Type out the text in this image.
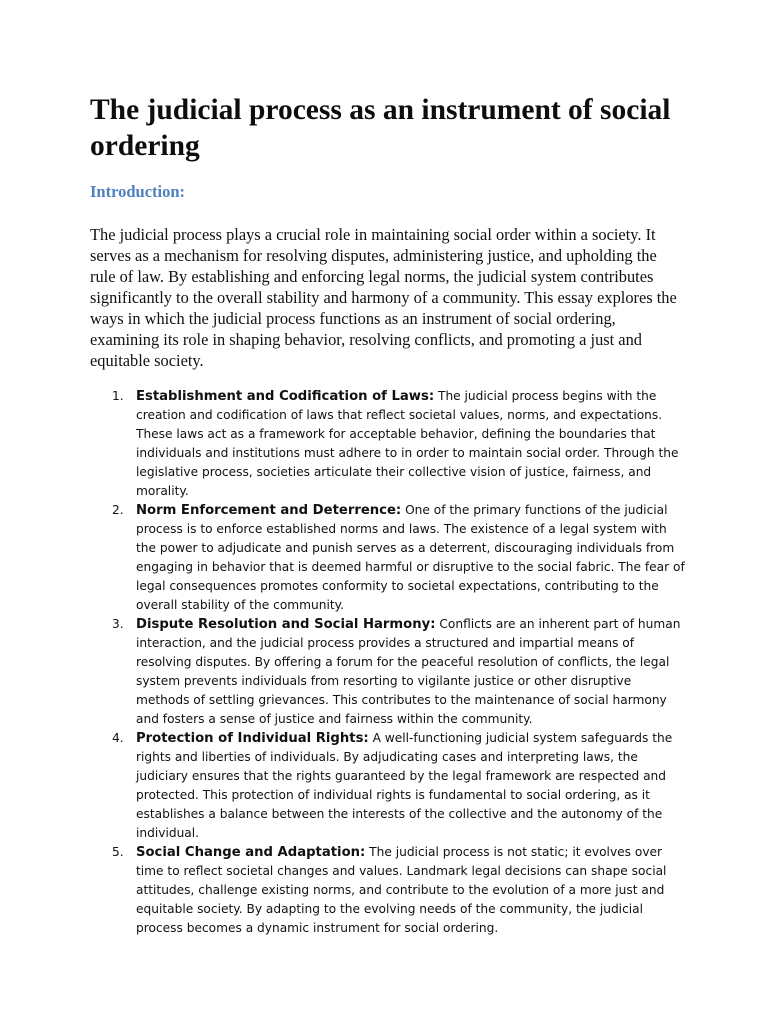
The judicial process as an instrument of social ordering
Introduction:

The judicial process plays a crucial role in maintaining social order within a society. It serves as a mechanism for resolving disputes, administering justice, and upholding the rule of law. By establishing and enforcing legal norms, the judicial system contributes significantly to the overall stability and harmony of a community. This essay explores the ways in which the judicial process functions as an instrument of social ordering, examining its role in shaping behavior, resolving conflicts, and promoting a just and equitable society.

1. Establishment and Codification of Laws: The judicial process begins with the creation and codification of laws that reflect societal values, norms, and expectations. These laws act as a framework for acceptable behavior, defining the boundaries that individuals and institutions must adhere to in order to maintain social order. Through the legislative process, societies articulate their collective vision of justice, fairness, and morality.
2. Norm Enforcement and Deterrence: One of the primary functions of the judicial process is to enforce established norms and laws. The existence of a legal system with the power to adjudicate and punish serves as a deterrent, discouraging individuals from engaging in behavior that is deemed harmful or disruptive to the social fabric. The fear of legal consequences promotes conformity to societal expectations, contributing to the overall stability of the community.
3. Dispute Resolution and Social Harmony: Conflicts are an inherent part of human interaction, and the judicial process provides a structured and impartial means of resolving disputes. By offering a forum for the peaceful resolution of conflicts, the legal system prevents individuals from resorting to vigilante justice or other disruptive methods of settling grievances. This contributes to the maintenance of social harmony and fosters a sense of justice and fairness within the community.
4. Protection of Individual Rights: A well-functioning judicial system safeguards the rights and liberties of individuals. By adjudicating cases and interpreting laws, the judiciary ensures that the rights guaranteed by the legal framework are respected and protected. This protection of individual rights is fundamental to social ordering, as it establishes a balance between the interests of the collective and the autonomy of the individual.
5. Social Change and Adaptation: The judicial process is not static; it evolves over time to reflect societal changes and values. Landmark legal decisions can shape social attitudes, challenge existing norms, and contribute to the evolution of a more just and equitable society. By adapting to the evolving needs of the community, the judicial process becomes a dynamic instrument for social ordering.
